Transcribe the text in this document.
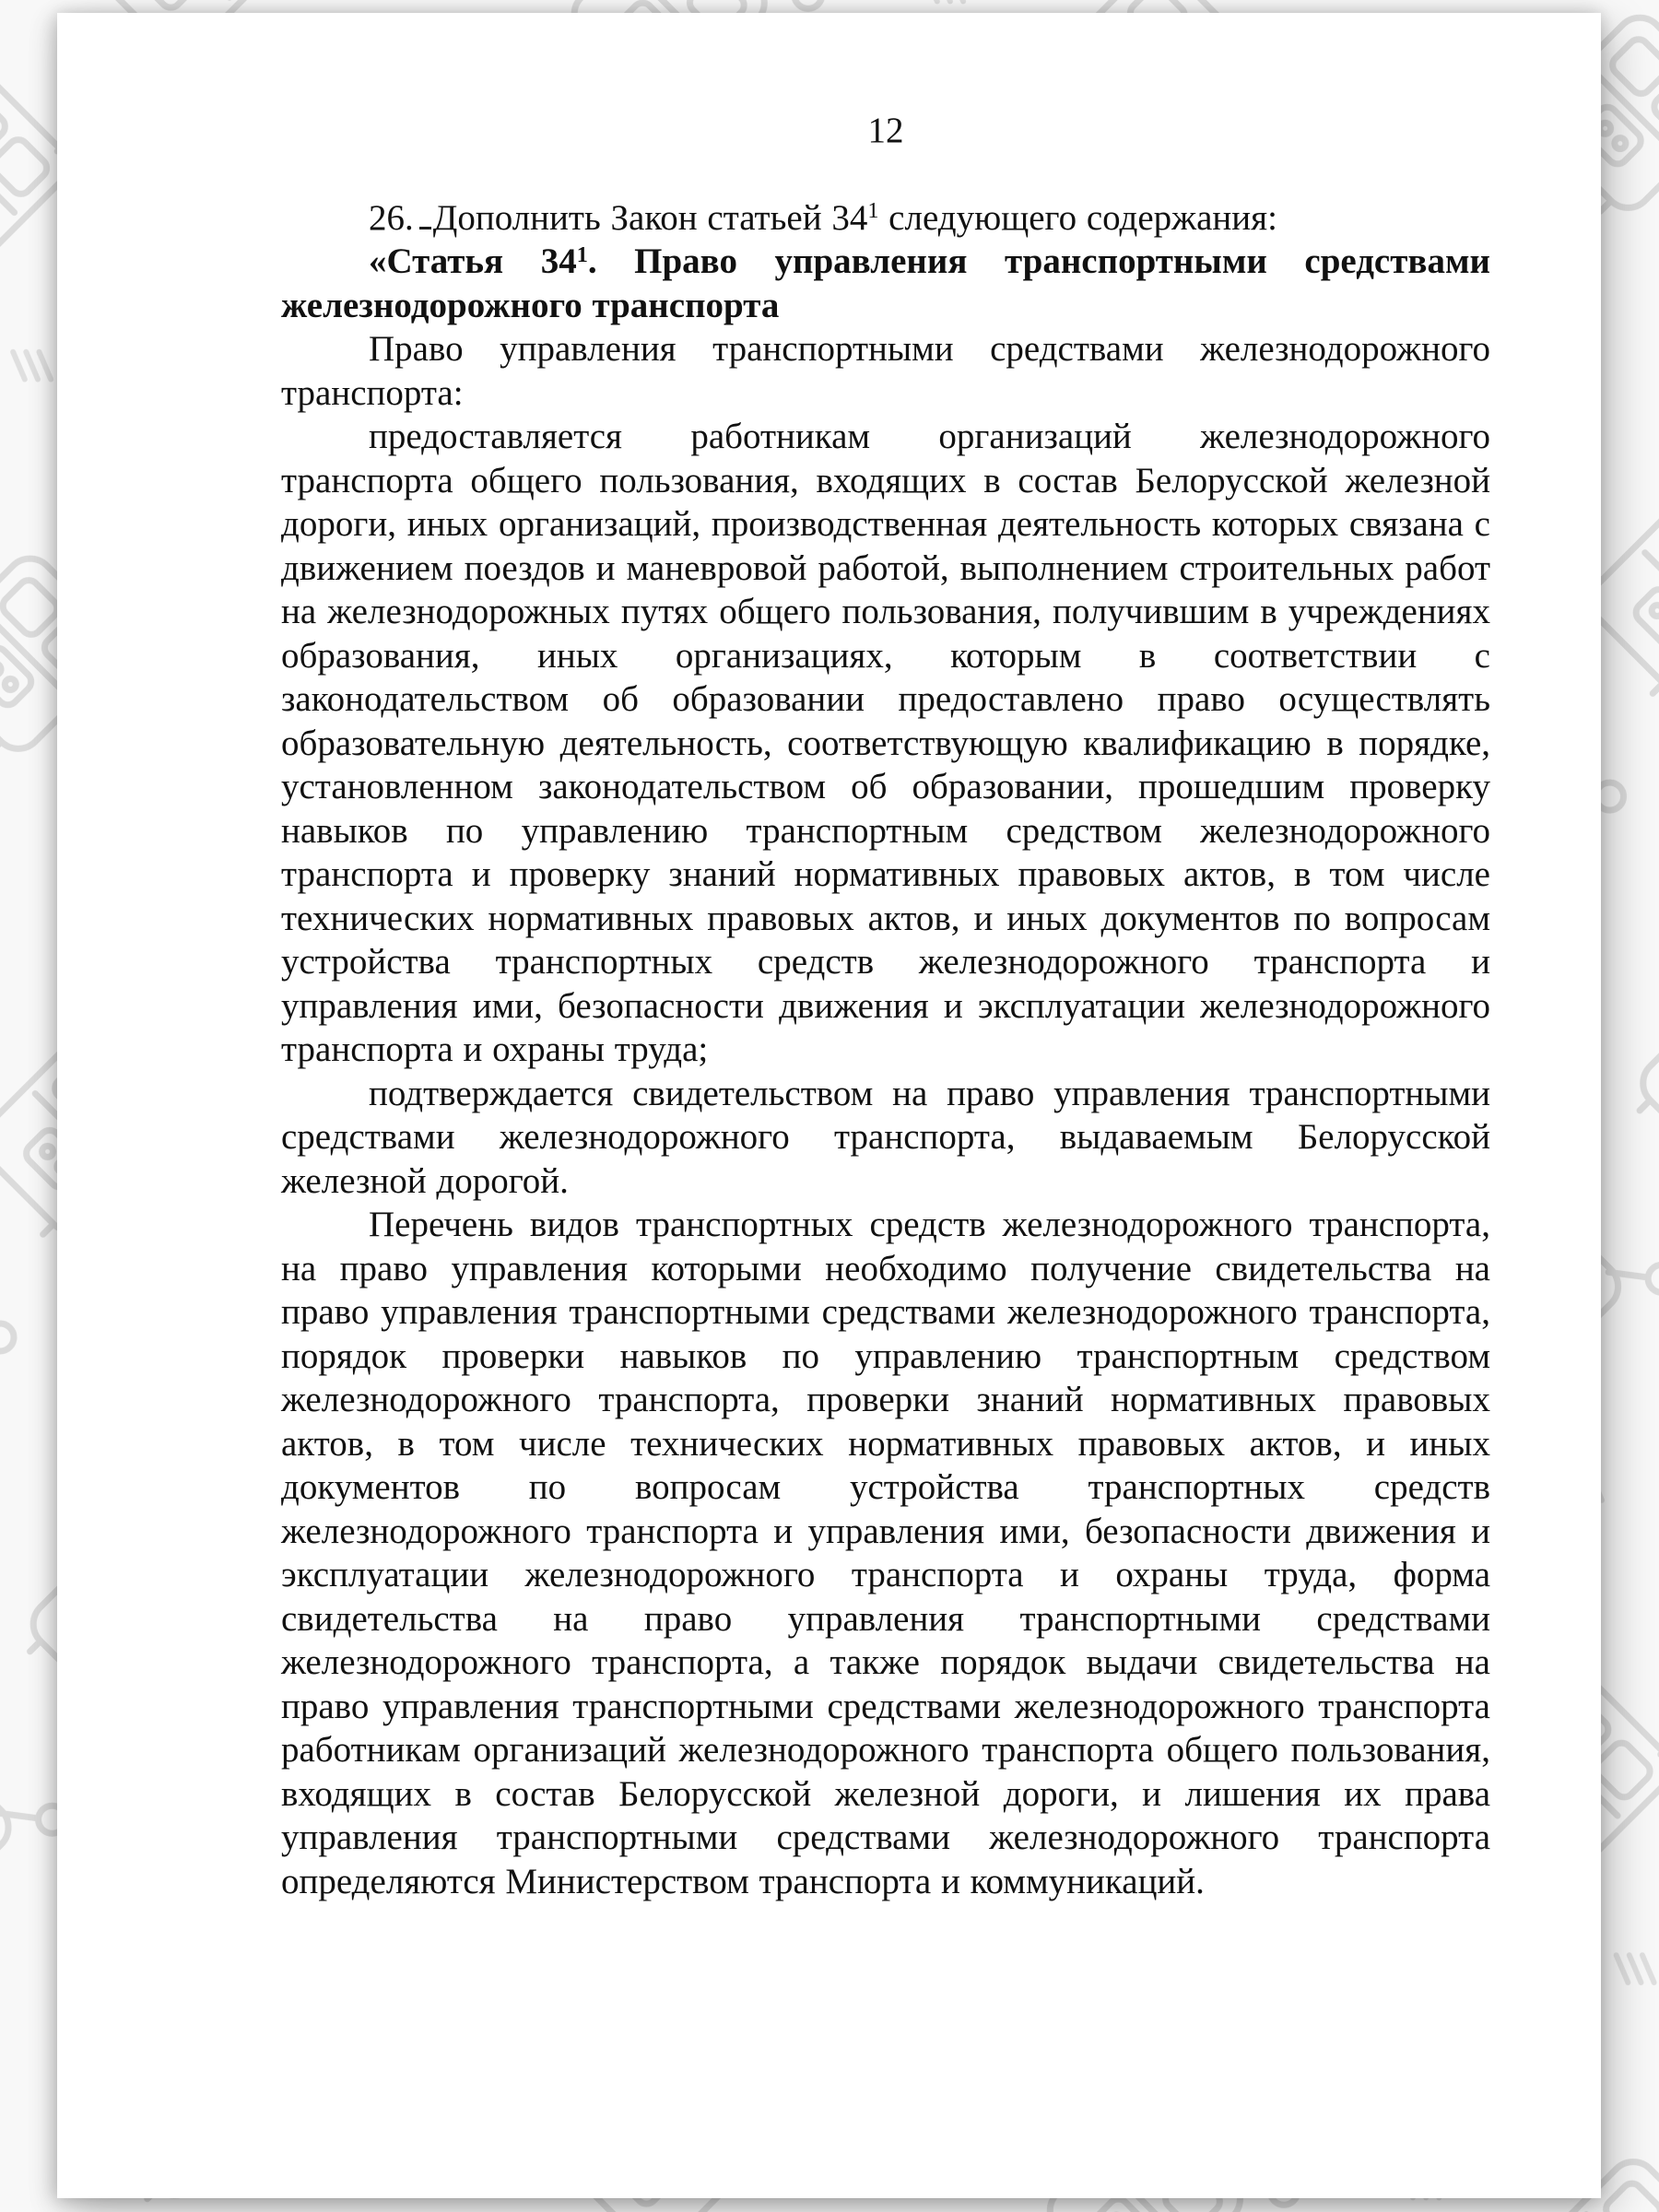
12

26. Дополнить Закон статьей $34^1$ следующего содержания:

«Статья $34^1$. Право управления транспортными средствами железнодорожного транспорта

Право управления транспортными средствами железнодорожного транспорта:

предоставляется работникам организаций железнодорожного транспорта общего пользования, входящих в состав Белорусской железной дороги, иных организаций, производственная деятельность которых связана с движением поездов и маневровой работой, выполнением строительных работ на железнодорожных путях общего пользования, получившим в учреждениях образования, иных организациях, которым в соответствии с законодательством об образовании предоставлено право осуществлять образовательную деятельность, соответствующую квалификацию в порядке, установленном законодательством об образовании, прошедшим проверку навыков по управлению транспортным средством железнодорожного транспорта и проверку знаний нормативных правовых актов, в том числе технических нормативных правовых актов, и иных документов по вопросам устройства транспортных средств железнодорожного транспорта и управления ими, безопасности движения и эксплуатации железнодорожного транспорта и охраны труда;

подтверждается свидетельством на право управления транспортными средствами железнодорожного транспорта, выдаваемым Белорусской железной дорогой.

Перечень видов транспортных средств железнодорожного транспорта, на право управления которыми необходимо получение свидетельства на право управления транспортными средствами железнодорожного транспорта, порядок проверки навыков по управлению транспортным средством железнодорожного транспорта, проверки знаний нормативных правовых актов, в том числе технических нормативных правовых актов, и иных документов по вопросам устройства транспортных средств железнодорожного транспорта и управления ими, безопасности движения и эксплуатации железнодорожного транспорта и охраны труда, форма свидетельства на право управления транспортными средствами железнодорожного транспорта, а также порядок выдачи свидетельства на право управления транспортными средствами железнодорожного транспорта работникам организаций железнодорожного транспорта общего пользования, входящих в состав Белорусской железной дороги, и лишения их права управления транспортными средствами железнодорожного транспорта определяются Министерством транспорта и коммуникаций.
